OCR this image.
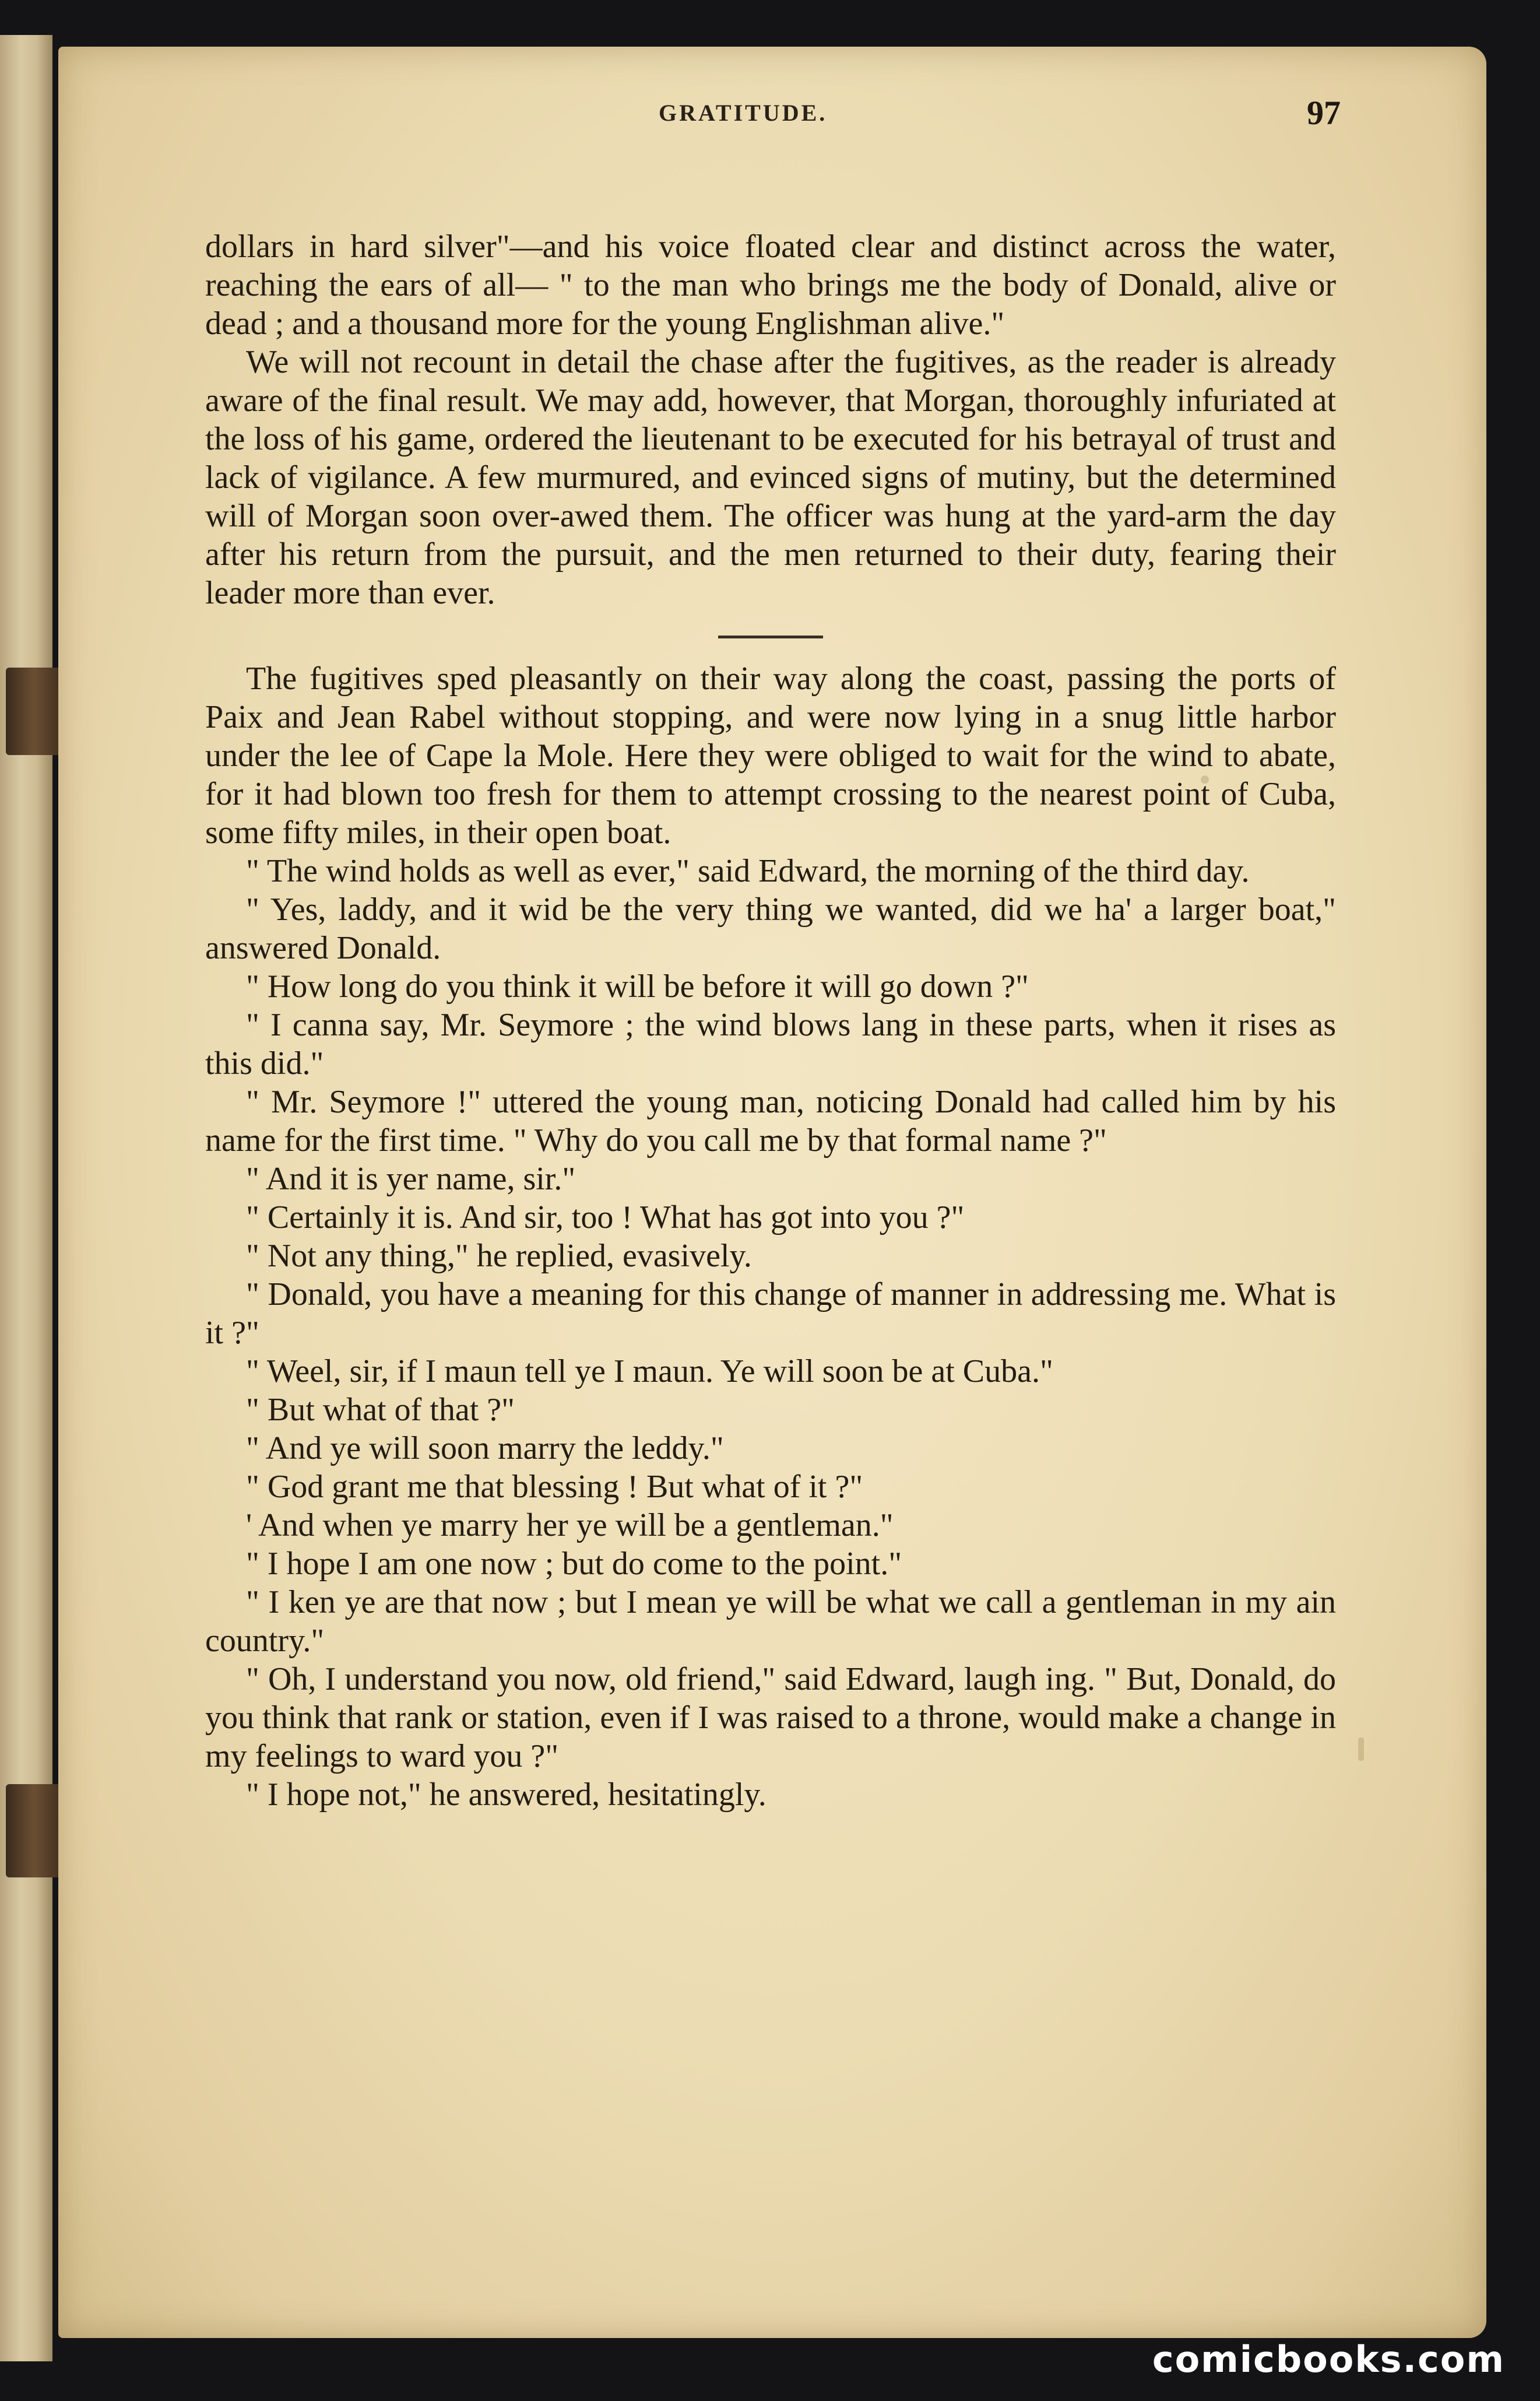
GRATITUDE.	97

dollars in hard silver"—and his voice floated clear and distinct across the water, reaching the ears of all— " to the man who brings me the body of Donald, alive or dead ; and a thousand more for the young Englishman alive."

We will not recount in detail the chase after the fugitives, as the reader is already aware of the final result. We may add, however, that Morgan, thoroughly infuriated at the loss of his game, ordered the lieutenant to be executed for his betrayal of trust and lack of vigilance. A few murmured, and evinced signs of mutiny, but the determined will of Morgan soon over-awed them. The officer was hung at the yard-arm the day after his return from the pursuit, and the men returned to their duty, fearing their leader more than ever.

The fugitives sped pleasantly on their way along the coast, passing the ports of Paix and Jean Rabel without stopping, and were now lying in a snug little harbor under the lee of Cape la Mole. Here they were obliged to wait for the wind to abate, for it had blown too fresh for them to attempt crossing to the nearest point of Cuba, some fifty miles, in their open boat.

" The wind holds as well as ever," said Edward, the morning of the third day.

" Yes, laddy, and it wid be the very thing we wanted, did we ha' a larger boat," answered Donald.

" How long do you think it will be before it will go down ?"

" I canna say, Mr. Seymore ; the wind blows lang in these parts, when it rises as this did."

" Mr. Seymore !" uttered the young man, noticing Donald had called him by his name for the first time. " Why do you call me by that formal name ?"

" And it is yer name, sir."

" Certainly it is. And sir, too ! What has got into you ?"

" Not any thing," he replied, evasively.

" Donald, you have a meaning for this change of manner in addressing me. What is it ?"

" Weel, sir, if I maun tell ye I maun. Ye will soon be at Cuba."

" But what of that ?"

" And ye will soon marry the leddy."

" God grant me that blessing ! But what of it ?"

' And when ye marry her ye will be a gentleman."

" I hope I am one now ; but do come to the point."

" I ken ye are that now ; but I mean ye will be what we call a gentleman in my ain country."

" Oh, I understand you now, old friend," said Edward, laugh ing. " But, Donald, do you think that rank or station, even if I was raised to a throne, would make a change in my feelings to ward you ?"

" I hope not," he answered, hesitatingly.

comicbooks.com
